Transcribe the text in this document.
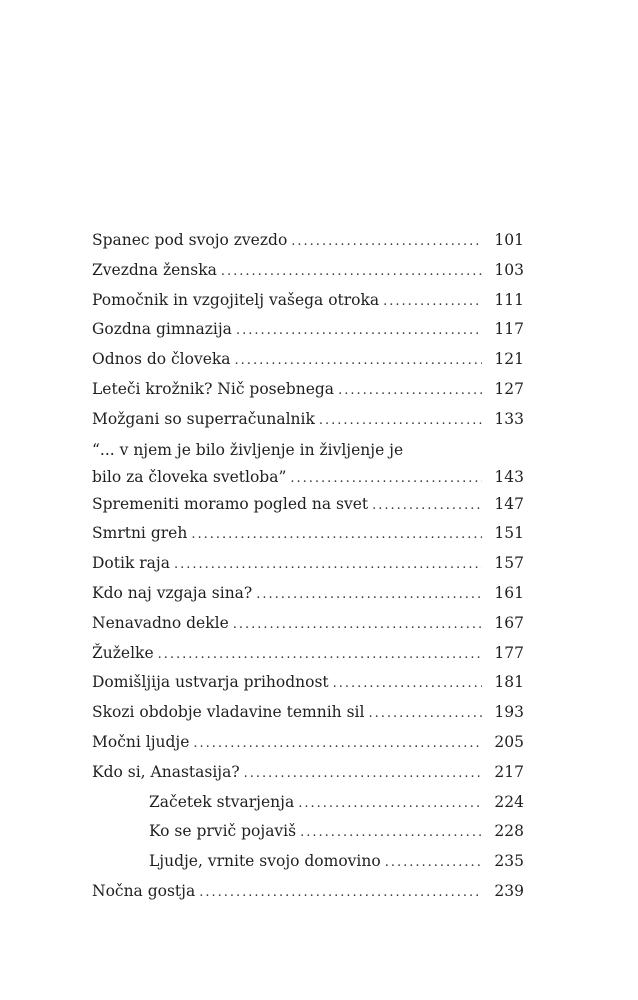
Spanec pod svojo zvezdo .....	101
Zvezdna ženska .....	103
Pomočnik in vzgojitelj vašega otroka .....	111
Gozdna gimnazija .....	117
Odnos do človeka .....	121
Leteči krožnik? Nič posebnega .....	127
Možgani so superračunalnik .....	133
“... v njem je bilo življenje in življenje je
bilo za človeka svetloba” .....	143
Spremeniti moramo pogled na svet .....	147
Smrtni greh .....	151
Dotik raja .....	157
Kdo naj vzgaja sina? .....	161
Nenavadno dekle .....	167
Žuželke .....	177
Domišljija ustvarja prihodnost .....	181
Skozi obdobje vladavine temnih sil .....	193
Močni ljudje .....	205
Kdo si, Anastasija? .....	217
Začetek stvarjenja .....	224
Ko se prvič pojaviš .....	228
Ljudje, vrnite svojo domovino .....	235
Nočna gostja .....	239
